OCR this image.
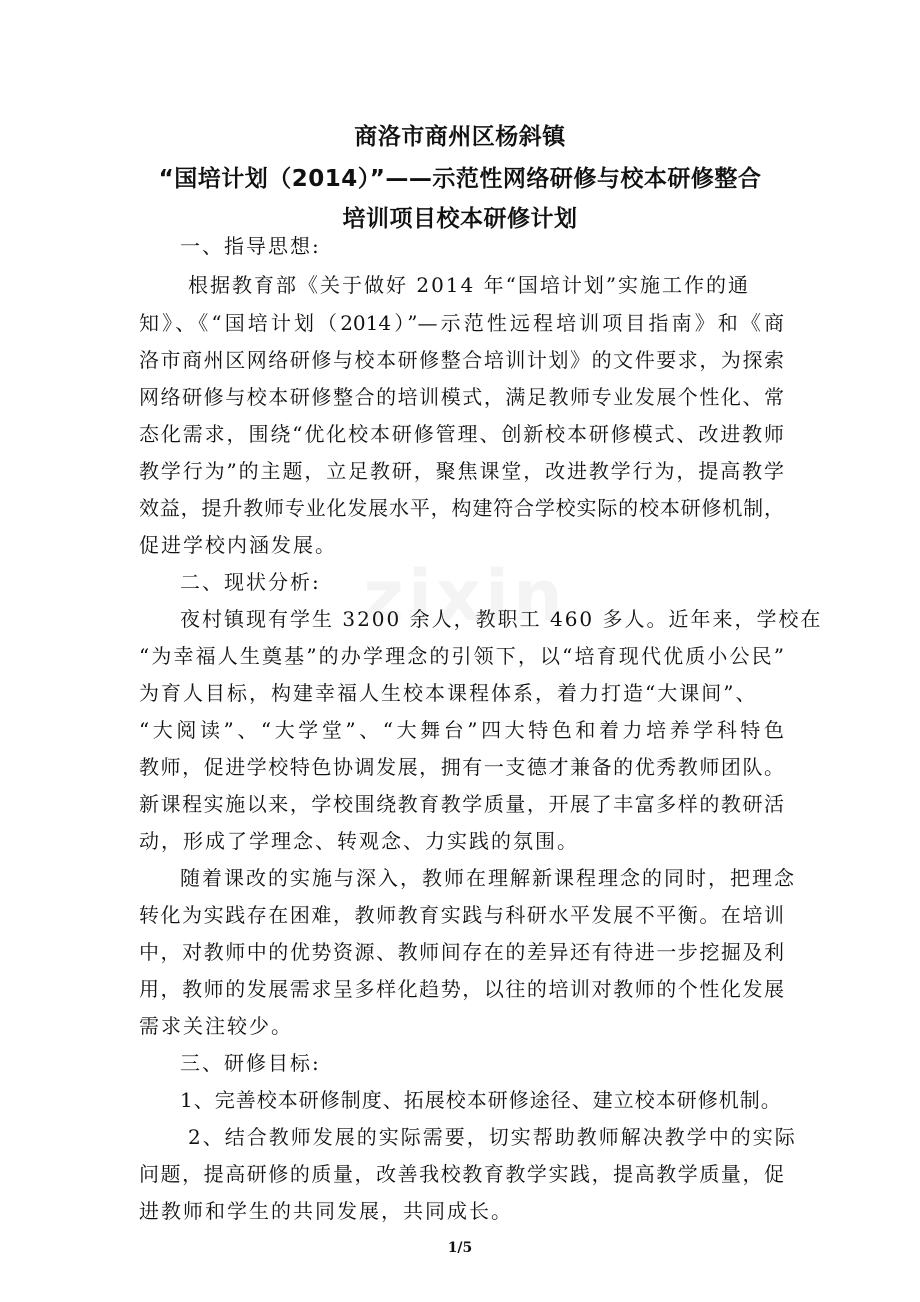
商洛市商州区杨斜镇
“国培计划（2014）”——示范性网络研修与校本研修整合
培训项目校本研修计划
一、指导思想:
根据教育部《关于做好 2014 年“国培计划”实施工作的通
知》、《“国培计划（2014）”—示范性远程培训项目指南》和《商
洛市商州区网络研修与校本研修整合培训计划》的文件要求，为探索
网络研修与校本研修整合的培训模式，满足教师专业发展个性化、常
态化需求，围绕“优化校本研修管理、创新校本研修模式、改进教师
教学行为”的主题，立足教研，聚焦课堂，改进教学行为，提高教学
效益，提升教师专业化发展水平，构建符合学校实际的校本研修机制，
促进学校内涵发展。
二、现状分析:
夜村镇现有学生 3200 余人，教职工 460 多人。近年来，学校在
“为幸福人生奠基”的办学理念的引领下，以“培育现代优质小公民”
为育人目标，构建幸福人生校本课程体系，着力打造“大课间”、
“大阅读”、“大学堂”、“大舞台”四大特色和着力培养学科特色
教师，促进学校特色协调发展，拥有一支德才兼备的优秀教师团队。
新课程实施以来，学校围绕教育教学质量，开展了丰富多样的教研活
动，形成了学理念、转观念、力实践的氛围。
随着课改的实施与深入，教师在理解新课程理念的同时，把理念
转化为实践存在困难，教师教育实践与科研水平发展不平衡。在培训
中，对教师中的优势资源、教师间存在的差异还有待进一步挖掘及利
用，教师的发展需求呈多样化趋势，以往的培训对教师的个性化发展
需求关注较少。
三、研修目标:
1、完善校本研修制度、拓展校本研修途径、建立校本研修机制。
2、结合教师发展的实际需要，切实帮助教师解决教学中的实际
问题，提高研修的质量，改善我校教育教学实践，提高教学质量，促
进教师和学生的共同发展，共同成长。
1/5
